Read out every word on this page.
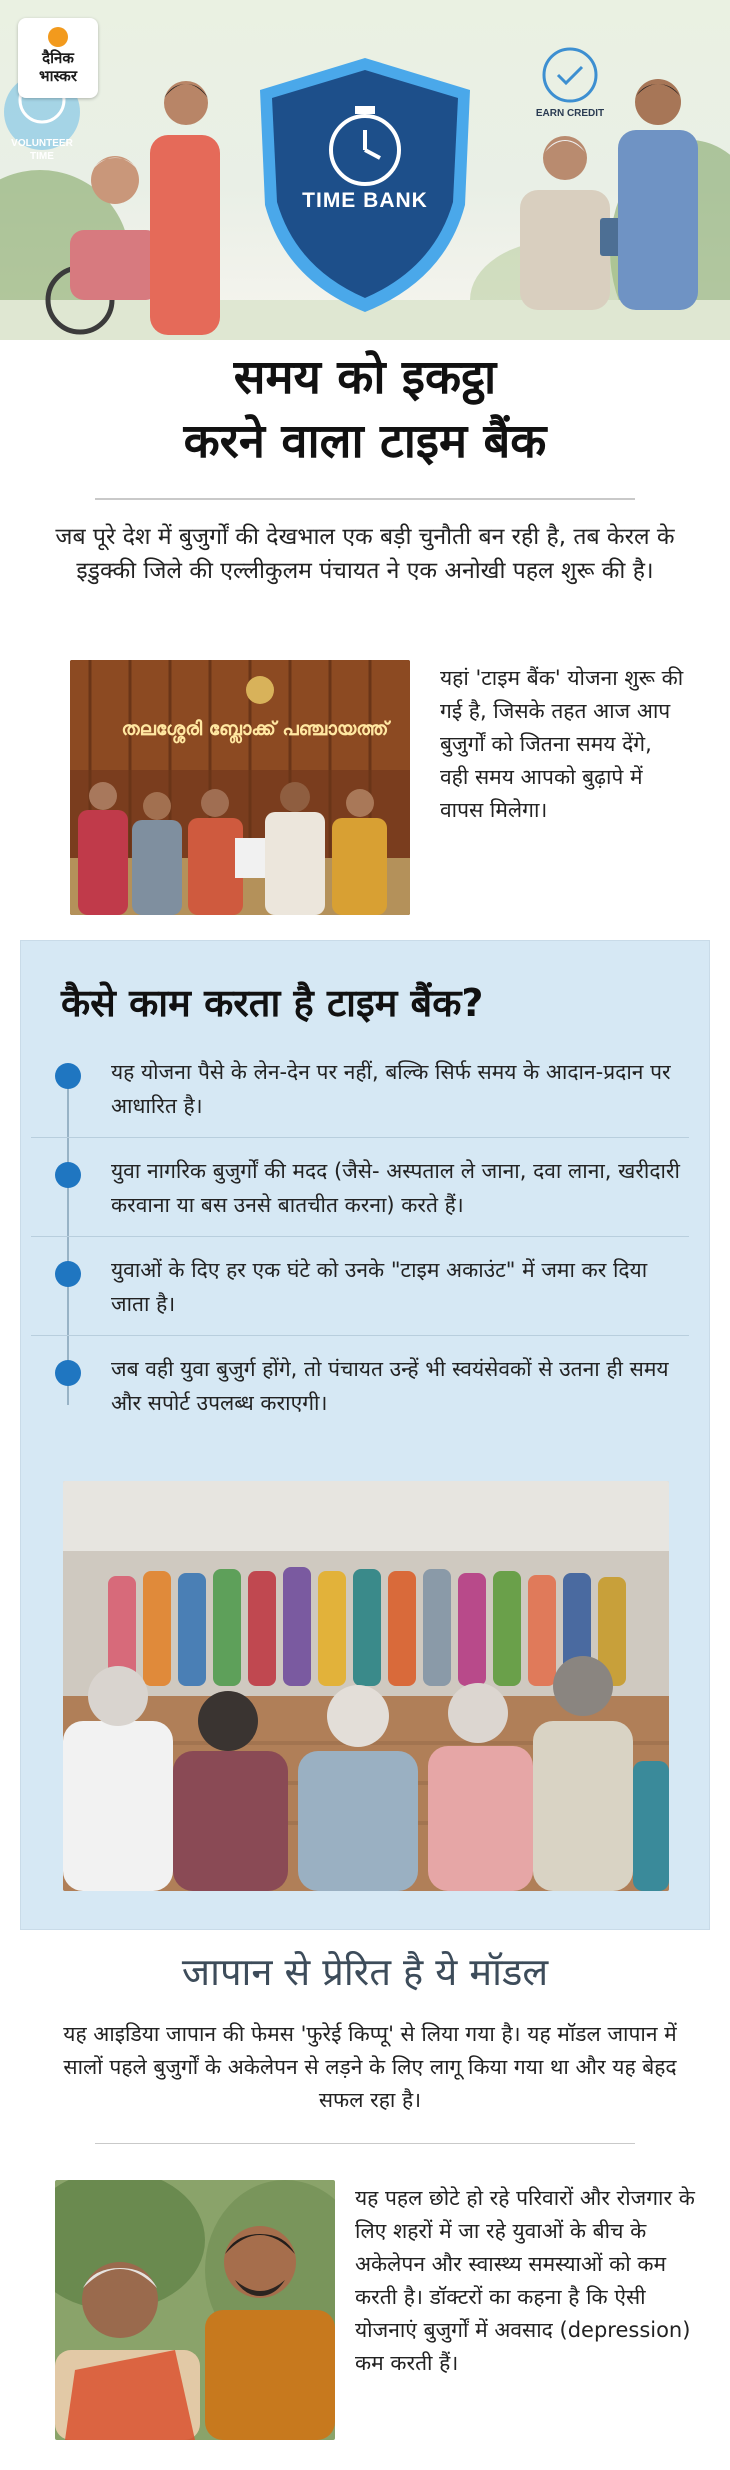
दैनिक
भास्कर
VOLUNTEER
TIME
EARN CREDIT
TIME BANK
समय को इकट्ठा
करने वाला टाइम बैंक
जब पूरे देश में बुजुर्गों की देखभाल एक बड़ी चुनौती बन रही है, तब केरल के इडुक्की जिले की एल्लीकुलम पंचायत ने एक अनोखी पहल शुरू की है।
തലശ്ശേരി ബ്ലോക്ക് പഞ്ചായത്ത്
यहां 'टाइम बैंक' योजना शुरू की गई है, जिसके तहत आज आप बुजुर्गों को जितना समय देंगे, वही समय आपको बुढ़ापे में वापस मिलेगा।
कैसे काम करता है टाइम बैंक?
यह योजना पैसे के लेन-देन पर नहीं, बल्कि सिर्फ समय के आदान-प्रदान पर आधारित है।
युवा नागरिक बुजुर्गों की मदद (जैसे- अस्पताल ले जाना, दवा लाना, खरीदारी करवाना या बस उनसे बातचीत करना) करते हैं।
युवाओं के दिए हर एक घंटे को उनके "टाइम अकाउंट" में जमा कर दिया जाता है।
जब वही युवा बुजुर्ग होंगे, तो पंचायत उन्हें भी स्वयंसेवकों से उतना ही समय और सपोर्ट उपलब्ध कराएगी।
जापान से प्रेरित है ये मॉडल
यह आइडिया जापान की फेमस 'फुरेई किप्पू' से लिया गया है। यह मॉडल जापान में सालों पहले बुजुर्गों के अकेलेपन से लड़ने के लिए लागू किया गया था और यह बेहद सफल रहा है।
यह पहल छोटे हो रहे परिवारों और रोजगार के लिए शहरों में जा रहे युवाओं के बीच के अकेलेपन और स्वास्थ्य समस्याओं को कम करती है। डॉक्टरों का कहना है कि ऐसी योजनाएं बुजुर्गों में अवसाद (depression) कम करती हैं।
